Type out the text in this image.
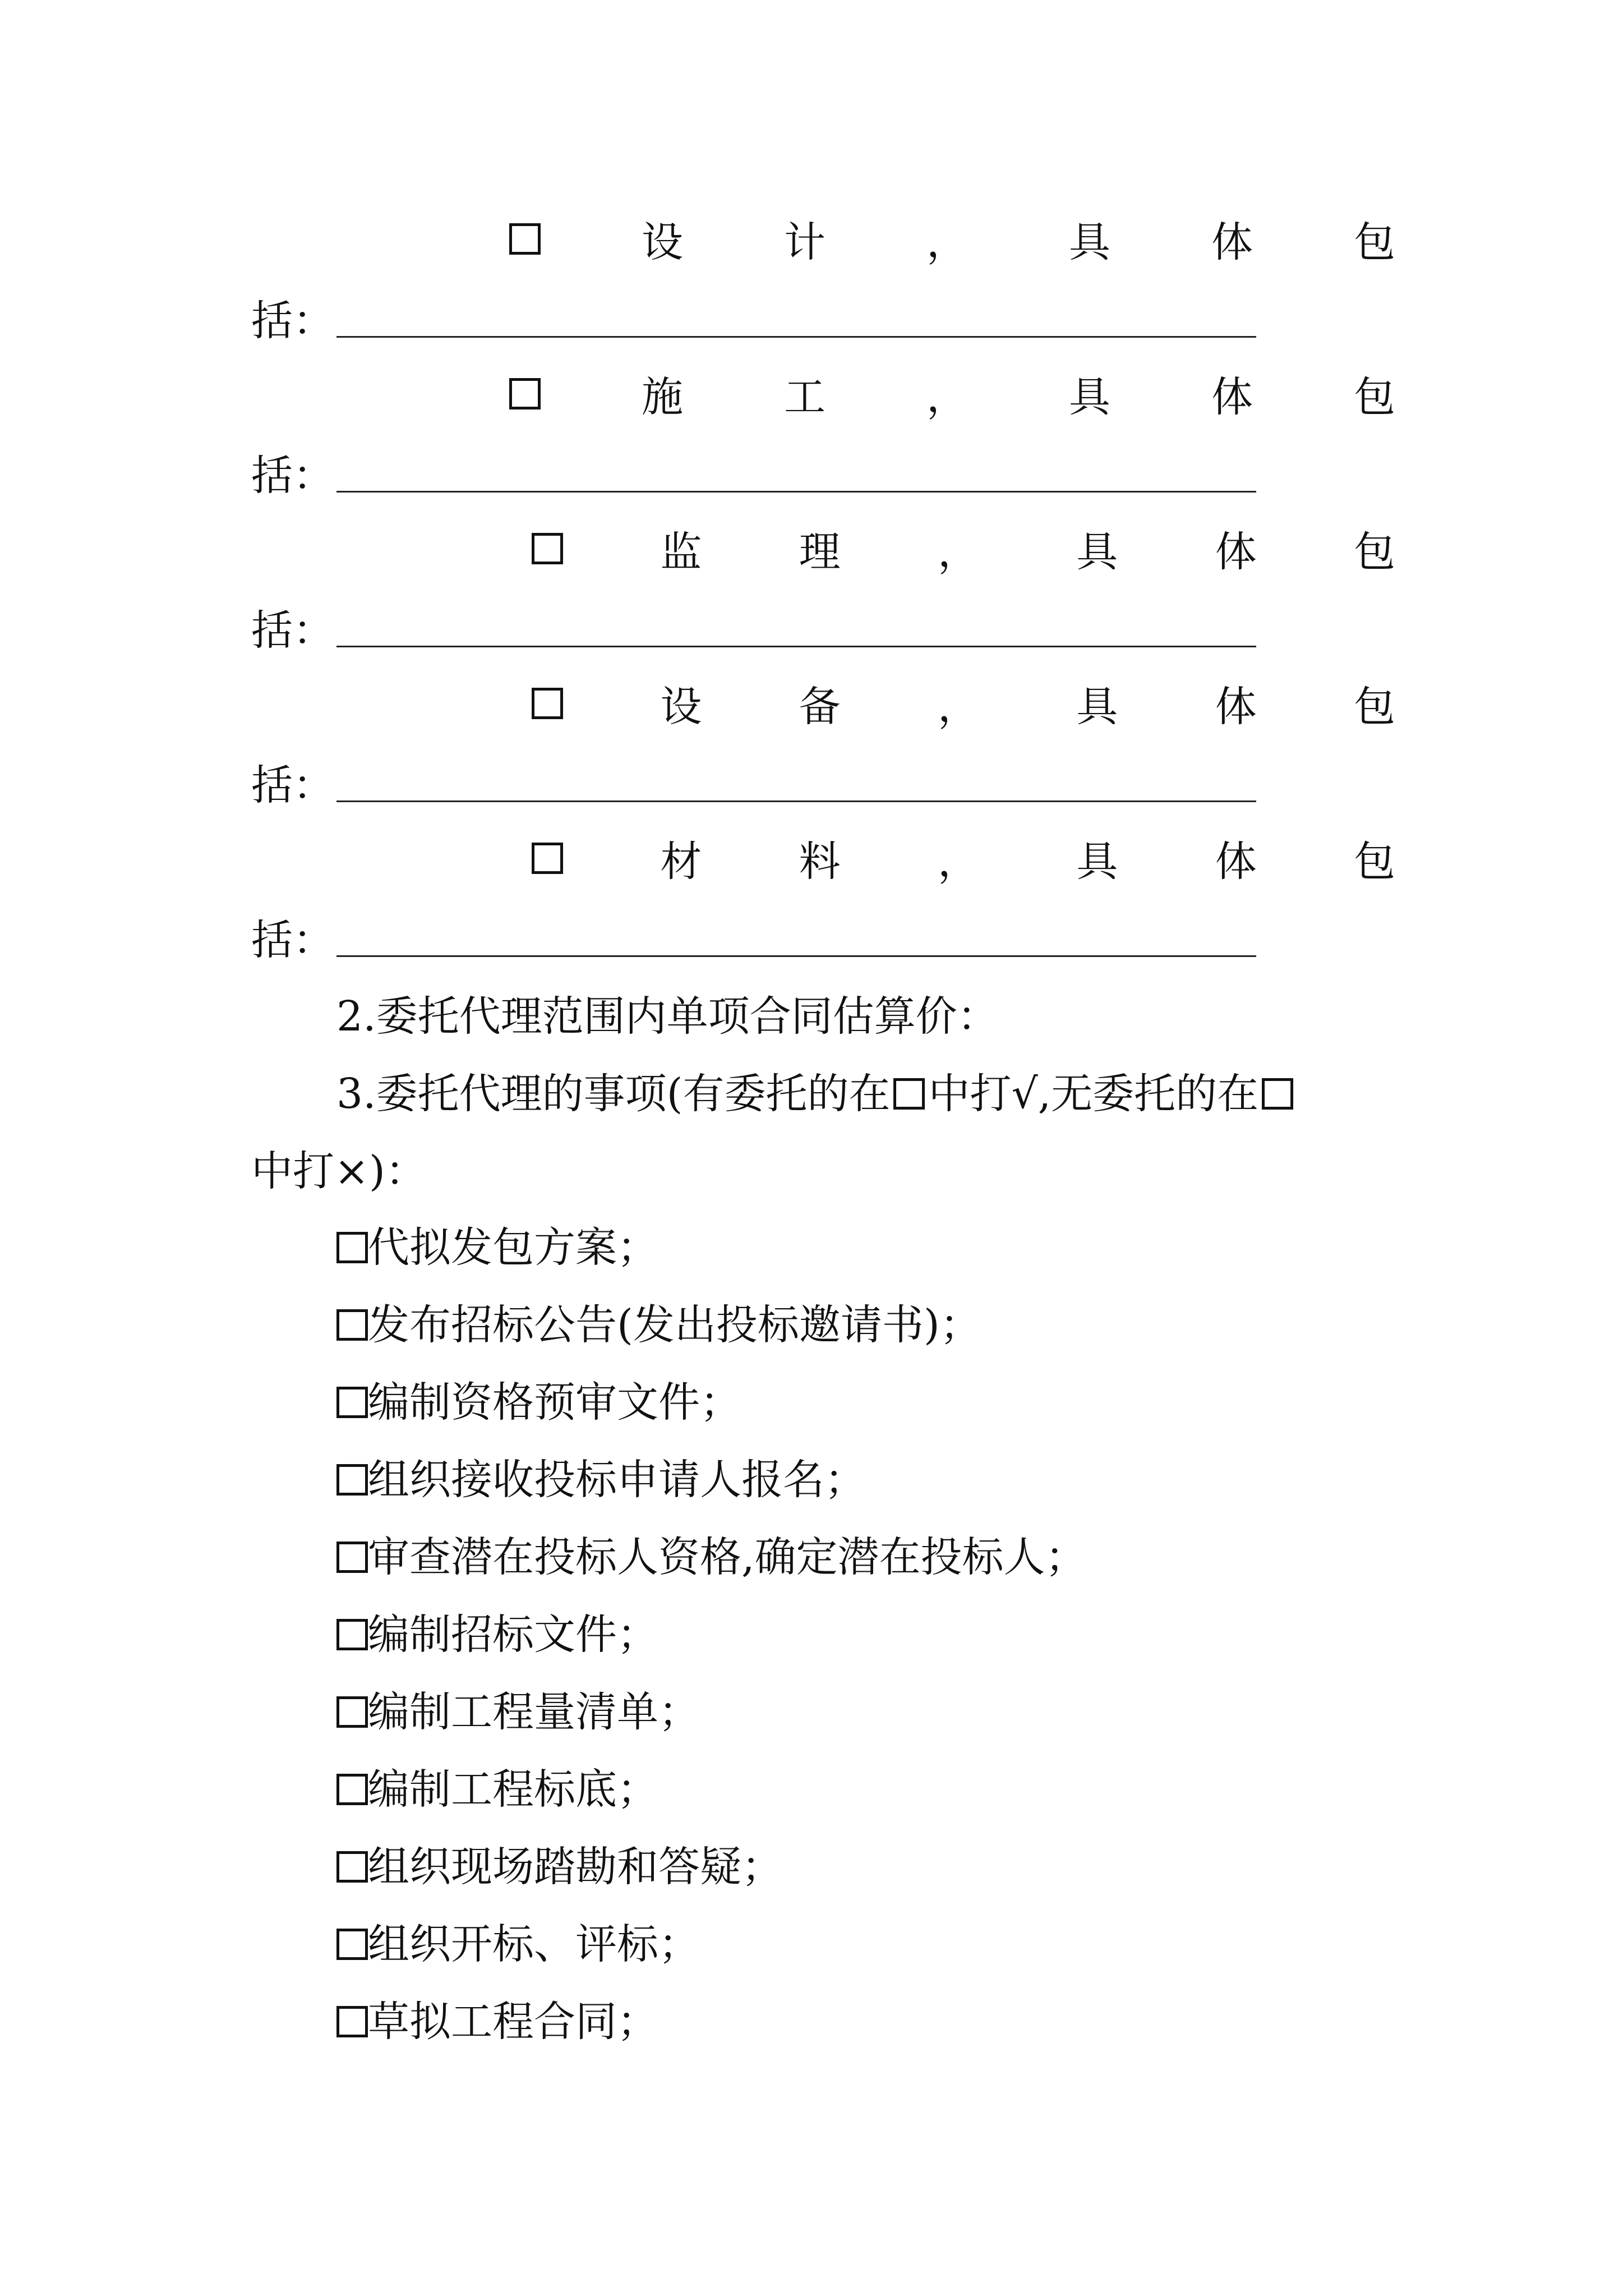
设 计 ， 具 体 包
括：
施 工 ， 具 体 包
括：
监 理 ， 具 体 包
括：
设 备 ， 具 体 包
括：
材 料 ， 具 体 包
括：
2.委托代理范围内单项合同估算价：
3.委托代理的事项(有委托的在 中打√,无委托的在
中打×)：
代拟发包方案；
发布招标公告(发出投标邀请书)；
编制资格预审文件；
组织接收投标申请人报名；
审查潜在投标人资格,确定潜在投标人；
编制招标文件；
编制工程量清单；
编制工程标底；
组织现场踏勘和答疑；
组织开标、评标；
草拟工程合同；
